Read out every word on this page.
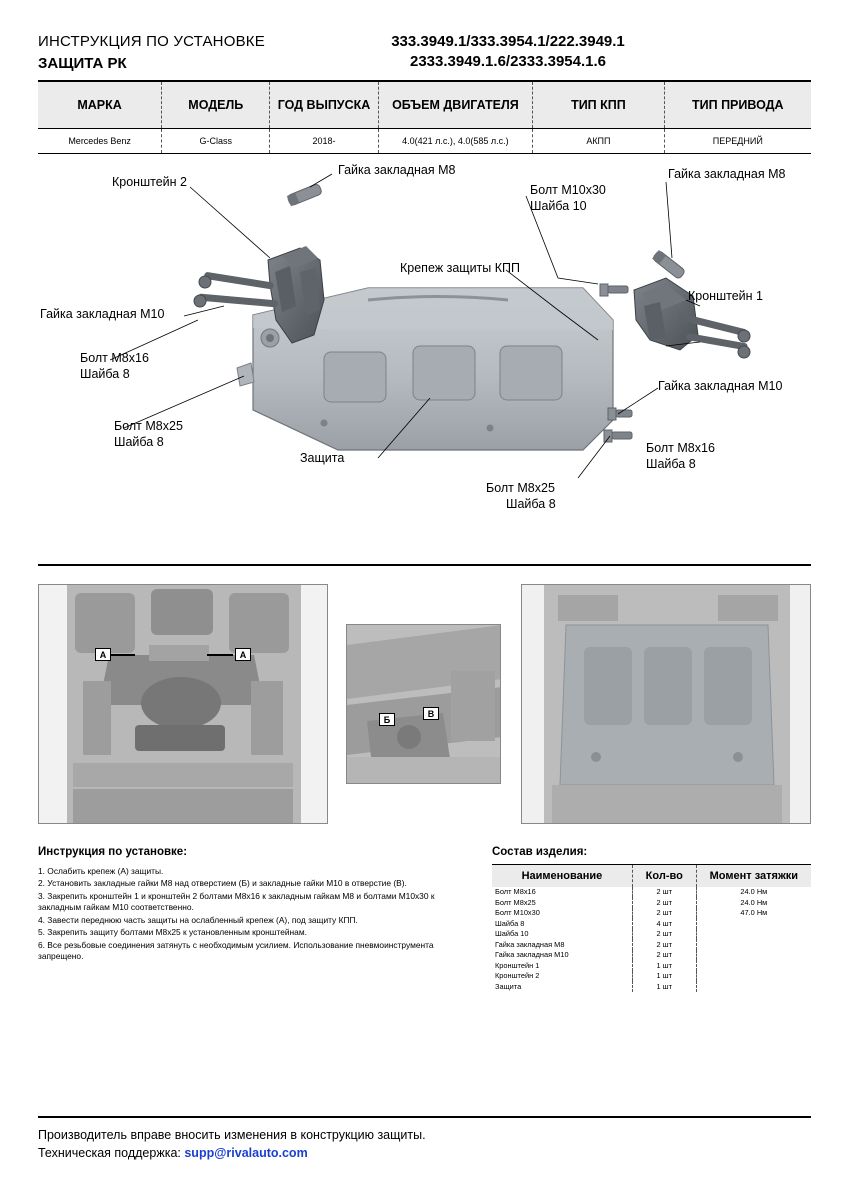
ИНСТРУКЦИЯ ПО УСТАНОВКЕ
ЗАЩИТА РК
333.3949.1/333.3954.1/222.3949.1
2333.3949.1.6/2333.3954.1.6
МАРКА	МОДЕЛЬ	ГОД ВЫПУСКА	ОБЪЕМ ДВИГАТЕЛЯ	ТИП КПП	ТИП ПРИВОДА
Mercedes Benz	G-Class	2018-	4.0(421 л.с.), 4.0(585 л.с.)	АКПП	ПЕРЕДНИЙ
Гайка закладная М8
Кронштейн 2
Болт М10х30
Шайба 10
Гайка закладная М8
Крепеж защиты КПП
Кронштейн 1
Гайка закладная М10
Болт М8х16
Шайба 8
Гайка закладная М10
Болт М8х25
Шайба 8
Защита
Болт М8х16
Шайба 8
Болт М8х25
Шайба 8
A	A
Б
В
Инструкция по установке:

1. Ослабить крепеж (А) защиты.

2. Установить закладные гайки М8 над отверстием (Б) и закладные гайки М10 в отверстие (В).

3. Закрепить кронштейн 1 и кронштейн 2 болтами М8х16 к закладным гайкам М8 и болтами М10х30 к закладным гайкам М10 соответственно.

4. Завести переднюю часть защиты на ослабленный крепеж (А), под защиту КПП.

5. Закрепить защиту болтами М8х25 к установленным кронштейнам.

6. Все резьбовые соединения затянуть с необходимым усилием. Использование пневмоинструмента запрещено.

Состав изделия:
Наименование	Кол-во	Момент затяжки
Болт М8х16	2 шт	24.0 Нм
Болт М8х25	2 шт	24.0 Нм
Болт М10х30	2 шт	47.0 Нм
Шайба 8	4 шт	
Шайба 10	2 шт	
Гайка закладная М8	2 шт	
Гайка закладная М10	2 шт	
Кронштейн 1	1 шт	
Кронштейн 2	1 шт	
Защита	1 шт	

Производитель вправе вносить изменения в конструкцию защиты.

Техническая поддержка: supp@rivalauto.com
